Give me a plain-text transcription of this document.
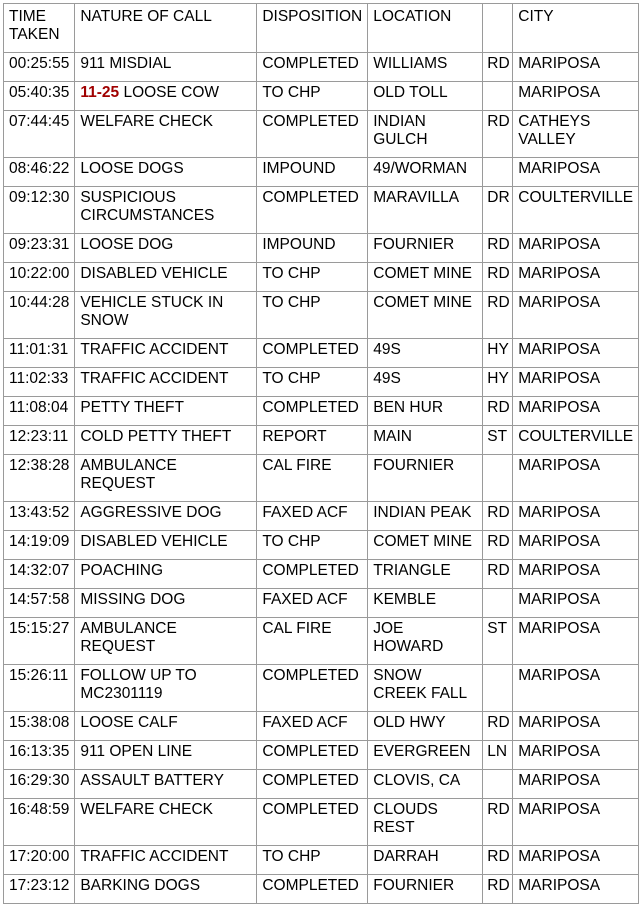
TIME TAKEN	NATURE OF CALL	DISPOSITION	LOCATION		CITY
00:25:55	911 MISDIAL	COMPLETED	WILLIAMS	RD	MARIPOSA
05:40:35	11-25 LOOSE COW	TO CHP	OLD TOLL		MARIPOSA
07:44:45	WELFARE CHECK	COMPLETED	INDIAN GULCH	RD	CATHEYS VALLEY
08:46:22	LOOSE DOGS	IMPOUND	49/WORMAN		MARIPOSA
09:12:30	SUSPICIOUS CIRCUMSTANCES	COMPLETED	MARAVILLA	DR	COULTERVILLE
09:23:31	LOOSE DOG	IMPOUND	FOURNIER	RD	MARIPOSA
10:22:00	DISABLED VEHICLE	TO CHP	COMET MINE	RD	MARIPOSA
10:44:28	VEHICLE STUCK IN SNOW	TO CHP	COMET MINE	RD	MARIPOSA
11:01:31	TRAFFIC ACCIDENT	COMPLETED	49S	HY	MARIPOSA
11:02:33	TRAFFIC ACCIDENT	TO CHP	49S	HY	MARIPOSA
11:08:04	PETTY THEFT	COMPLETED	BEN HUR	RD	MARIPOSA
12:23:11	COLD PETTY THEFT	REPORT	MAIN	ST	COULTERVILLE
12:38:28	AMBULANCE REQUEST	CAL FIRE	FOURNIER		MARIPOSA
13:43:52	AGGRESSIVE DOG	FAXED ACF	INDIAN PEAK	RD	MARIPOSA
14:19:09	DISABLED VEHICLE	TO CHP	COMET MINE	RD	MARIPOSA
14:32:07	POACHING	COMPLETED	TRIANGLE	RD	MARIPOSA
14:57:58	MISSING DOG	FAXED ACF	KEMBLE		MARIPOSA
15:15:27	AMBULANCE REQUEST	CAL FIRE	JOE HOWARD	ST	MARIPOSA
15:26:11	FOLLOW UP TO MC2301119	COMPLETED	SNOW CREEK FALL		MARIPOSA
15:38:08	LOOSE CALF	FAXED ACF	OLD HWY	RD	MARIPOSA
16:13:35	911 OPEN LINE	COMPLETED	EVERGREEN	LN	MARIPOSA
16:29:30	ASSAULT BATTERY	COMPLETED	CLOVIS, CA		MARIPOSA
16:48:59	WELFARE CHECK	COMPLETED	CLOUDS REST	RD	MARIPOSA
17:20:00	TRAFFIC ACCIDENT	TO CHP	DARRAH	RD	MARIPOSA
17:23:12	BARKING DOGS	COMPLETED	FOURNIER	RD	MARIPOSA
